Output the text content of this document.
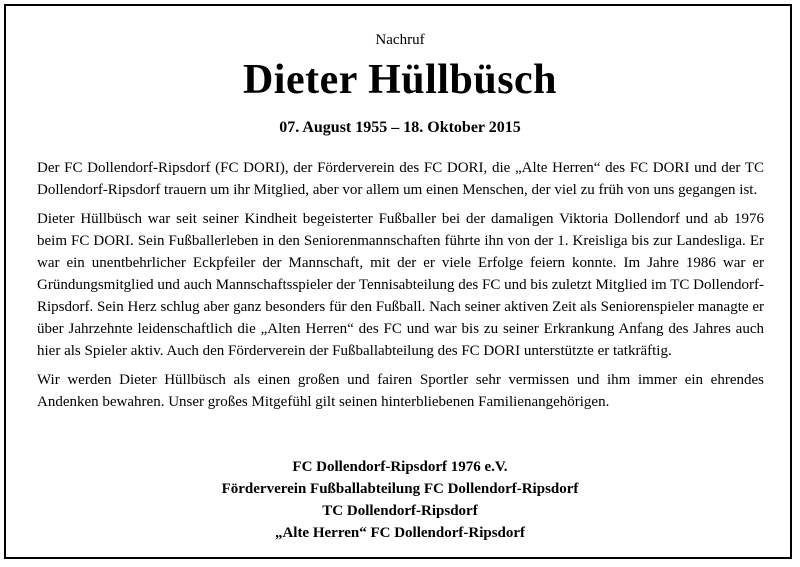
Nachruf
Dieter Hüllbüsch
07. August 1955 – 18. Oktober 2015

Der FC Dollendorf-Ripsdorf (FC DORI), der Förderverein des FC DORI, die „Alte Herren“ des FC DORI und der TC Dollendorf-Ripsdorf trauern um ihr Mitglied, aber vor allem um einen Menschen, der viel zu früh von uns gegangen ist.

Dieter Hüllbüsch war seit seiner Kindheit begeisterter Fußballer bei der damaligen Viktoria Dollendorf und ab 1976 beim FC DORI. Sein Fußballerleben in den Seniorenmannschaften führte ihn von der 1. Kreisliga bis zur Landesliga. Er war ein unentbehrlicher Eckpfeiler der Mannschaft, mit der er viele Erfolge feiern konnte. Im Jahre 1986 war er Gründungsmitglied und auch Mannschaftsspieler der Tennisabteilung des FC und bis zuletzt Mitglied im TC Dollendorf-Ripsdorf. Sein Herz schlug aber ganz besonders für den Fußball. Nach seiner aktiven Zeit als Seniorenspieler managte er über Jahrzehnte leidenschaftlich die „Alten Herren“ des FC und war bis zu seiner Erkrankung Anfang des Jahres auch hier als Spieler aktiv. Auch den Förderverein der Fußballabteilung des FC DORI unterstützte er tatkräftig.

Wir werden Dieter Hüllbüsch als einen großen und fairen Sportler sehr vermissen und ihm immer ein ehrendes Andenken bewahren. Unser großes Mitgefühl gilt seinen hinterbliebenen Familienangehörigen.

FC Dollendorf-Ripsdorf 1976 e.V.
Förderverein Fußballabteilung FC Dollendorf-Ripsdorf
TC Dollendorf-Ripsdorf
„Alte Herren“ FC Dollendorf-Ripsdorf
